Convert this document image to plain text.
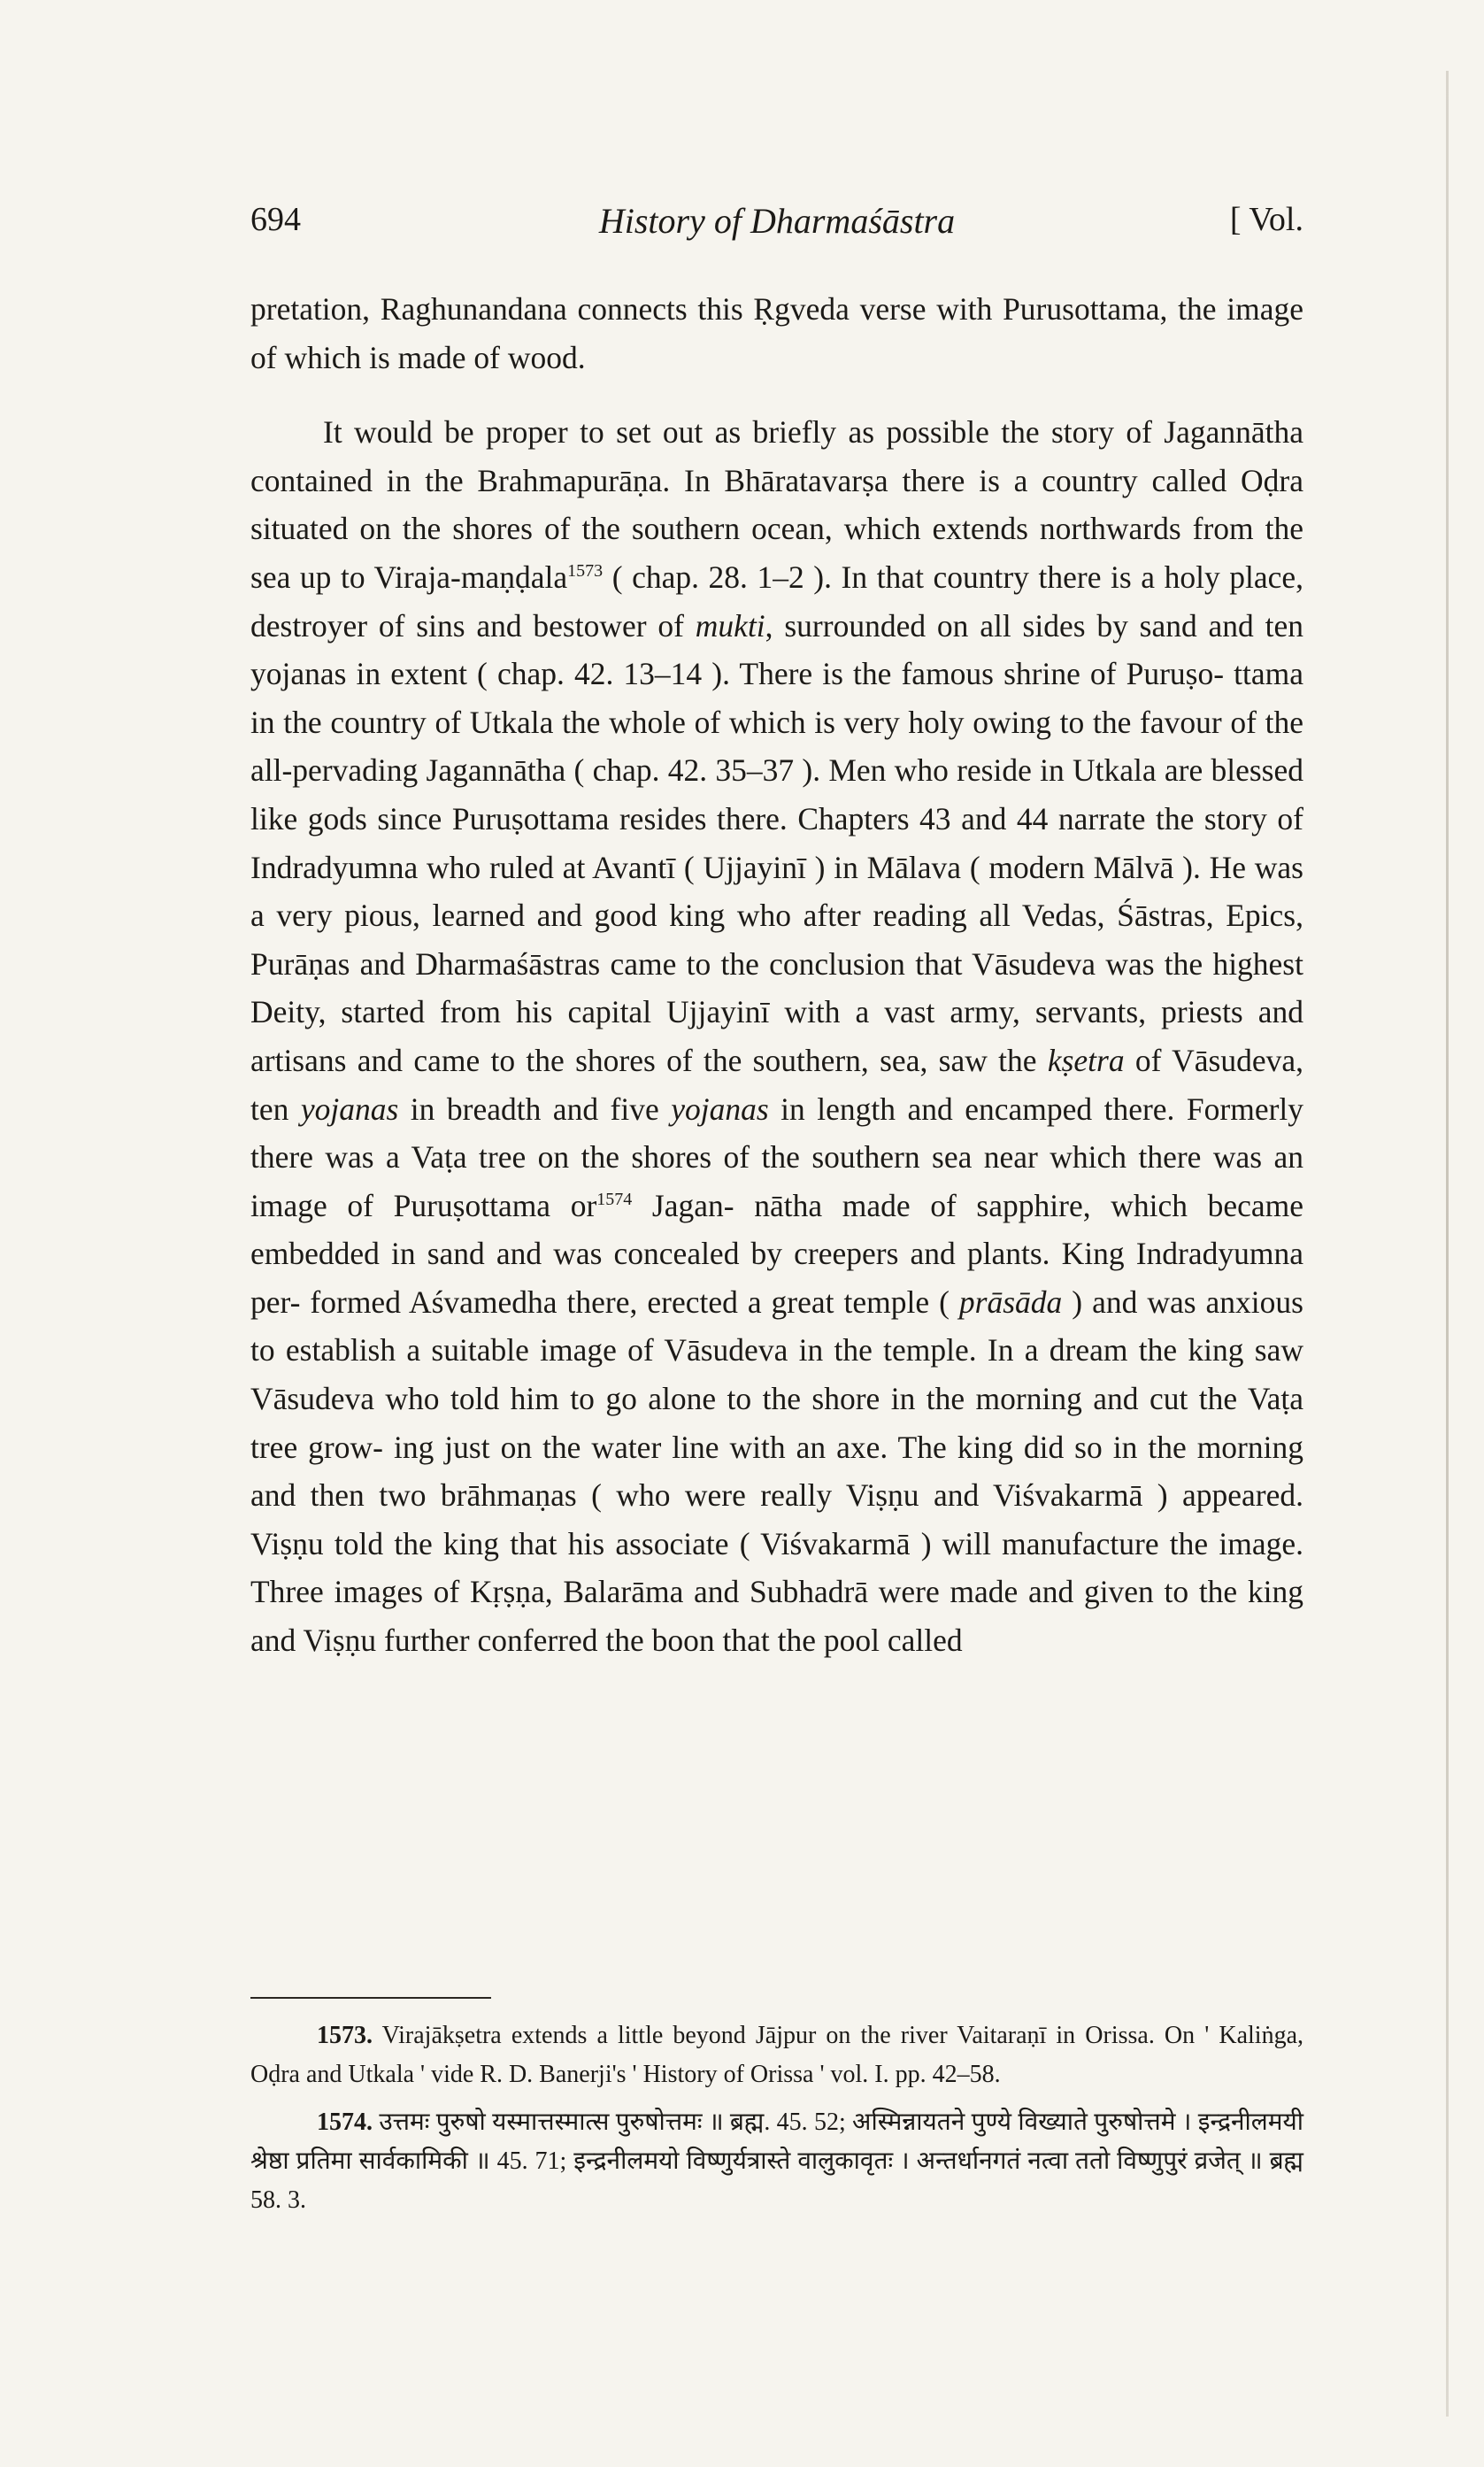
694	History of Dharmaśāstra	[ Vol.

pretation, Raghunandana connects this Ṛgveda verse with Purusottama, the image of which is made of wood.

It would be proper to set out as briefly as possible the story of Jagannātha contained in the Brahmapurāṇa. In Bhāratavarṣa there is a country called Oḍra situated on the shores of the southern ocean, which extends northwards from the sea up to Viraja-maṇḍala$^{1573}$ ( chap. 28. 1–2 ). In that country there is a holy place, destroyer of sins and bestower of mukti, surrounded on all sides by sand and ten yojanas in extent ( chap. 42. 13–14 ). There is the famous shrine of Puruṣo- ttama in the country of Utkala the whole of which is very holy owing to the favour of the all-pervading Jagannātha ( chap. 42. 35–37 ). Men who reside in Utkala are blessed like gods since Puruṣottama resides there. Chapters 43 and 44 narrate the story of Indradyumna who ruled at Avantī ( Ujjayinī ) in Mālava ( modern Mālvā ). He was a very pious, learned and good king who after reading all Vedas, Śāstras, Epics, Purāṇas and Dharmaśāstras came to the conclusion that Vāsudeva was the highest Deity, started from his capital Ujjayinī with a vast army, servants, priests and artisans and came to the shores of the southern, sea, saw the kṣetra of Vāsudeva, ten yojanas in breadth and five yojanas in length and encamped there. Formerly there was a Vaṭa tree on the shores of the southern sea near which there was an image of Puruṣottama $or^{1574}$ Jagan- nātha made of sapphire, which became embedded in sand and was concealed by creepers and plants. King Indradyumna per- formed Aśvamedha there, erected a great temple ( prāsāda ) and was anxious to establish a suitable image of Vāsudeva in the temple. In a dream the king saw Vāsudeva who told him to go alone to the shore in the morning and cut the Vaṭa tree grow- ing just on the water line with an axe. The king did so in the morning and then two brāhmaṇas ( who were really Viṣṇu and Viśvakarmā ) appeared. Viṣṇu told the king that his associate ( Viśvakarmā ) will manufacture the image. Three images of Kṛṣṇa, Balarāma and Subhadrā were made and given to the king and Viṣṇu further conferred the boon that the pool called

1573. Virajākṣetra extends a little beyond Jājpur on the river Vaitaraṇī in Orissa. On ' Kaliṅga, Oḍra and Utkala ' vide R. D. Banerji's ' History of Orissa ' vol. I. pp. 42–58.

1574. उत्तमः पुरुषो यस्मात्तस्मात्स पुरुषोत्तमः ॥ ब्रह्म. 45. 52; अस्मिन्नायतने पुण्ये विख्याते पुरुषोत्तमे । इन्द्रनीलमयी श्रेष्ठा प्रतिमा सार्वकामिकी ॥ 45. 71; इन्द्रनीलमयो विष्णुर्यत्रास्ते वालुकावृतः । अन्तर्धानगतं नत्वा ततो विष्णुपुरं व्रजेत् ॥ ब्रह्म 58. 3.
